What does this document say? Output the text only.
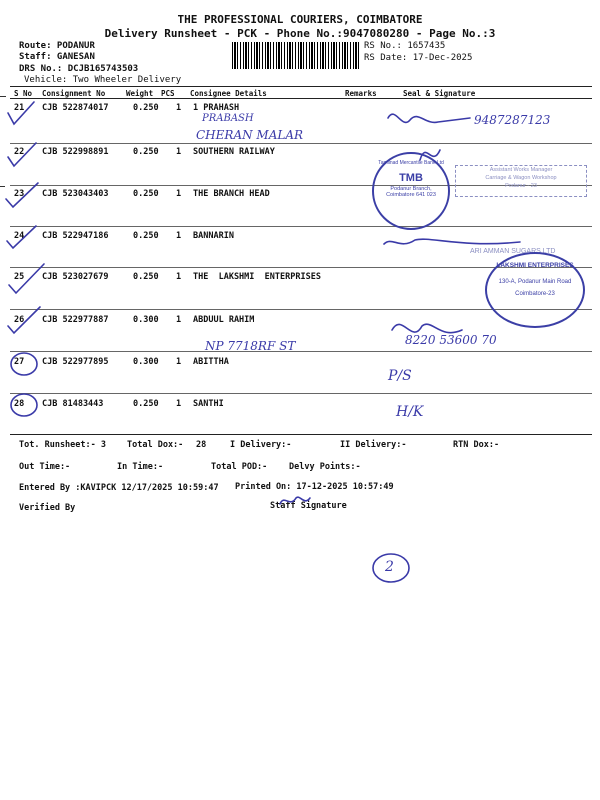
THE PROFESSIONAL COURIERS, COIMBATORE
Delivery Runsheet - PCK - Phone No.:9047080280 - Page No.:3
Route: PODANUR
Staff: GANESAN
DRS No.: DCJB165743503
Vehicle: Two Wheeler Delivery
RS No.: 1657435
RS Date: 17-Dec-2025
S No Consignment No	Weight PCS Consignee Details	Remarks	Seal & Signature
21 CJB 522874017	0.250 1 1 PRAHASH
22 CJB 522998891	0.250 1 SOUTHERN RAILWAY
23 CJB 523043403	0.250 1 THE BRANCH HEAD
24 CJB 522947186	0.250 1 BANNARIN
25 CJB 523027679	0.250 1 THE  LAKSHMI  ENTERPRISES
26 CJB 522977887	0.300 1 ABDUUL RAHIM
27 CJB 522977895	0.300 1 ABITTHA
28 CJB 81483443	0.250 1 SANTHI
Tot. Runsheet:- 3 Total Dox:- 28	I Delivery:-	II Delivery:-	RTN Dox:-
Out Time:-	In Time:-	Total POD:-	Delvy Points:-
Entered By :KAVIPCK 12/17/2025 10:59:47 Printed On: 17-12-2025 10:57:49
Verified By	Staff Signature
PRABASH
CHERAN MALAR
9487287123
NP 7718RF ST	8220 53600 70
P/S
H/K
2
Tamilnad Mercantile Bank Ltd
TMB
Podanur Branch, Coimbatore 641 023
Assistant Works Manager
Carriage & Wagon Workshop
Podanur - 23
ARI AMMAN SUGARS LTD
LAKSHMI ENTERPRISES
130-A, Podanur Main Road
Coimbatore-23
